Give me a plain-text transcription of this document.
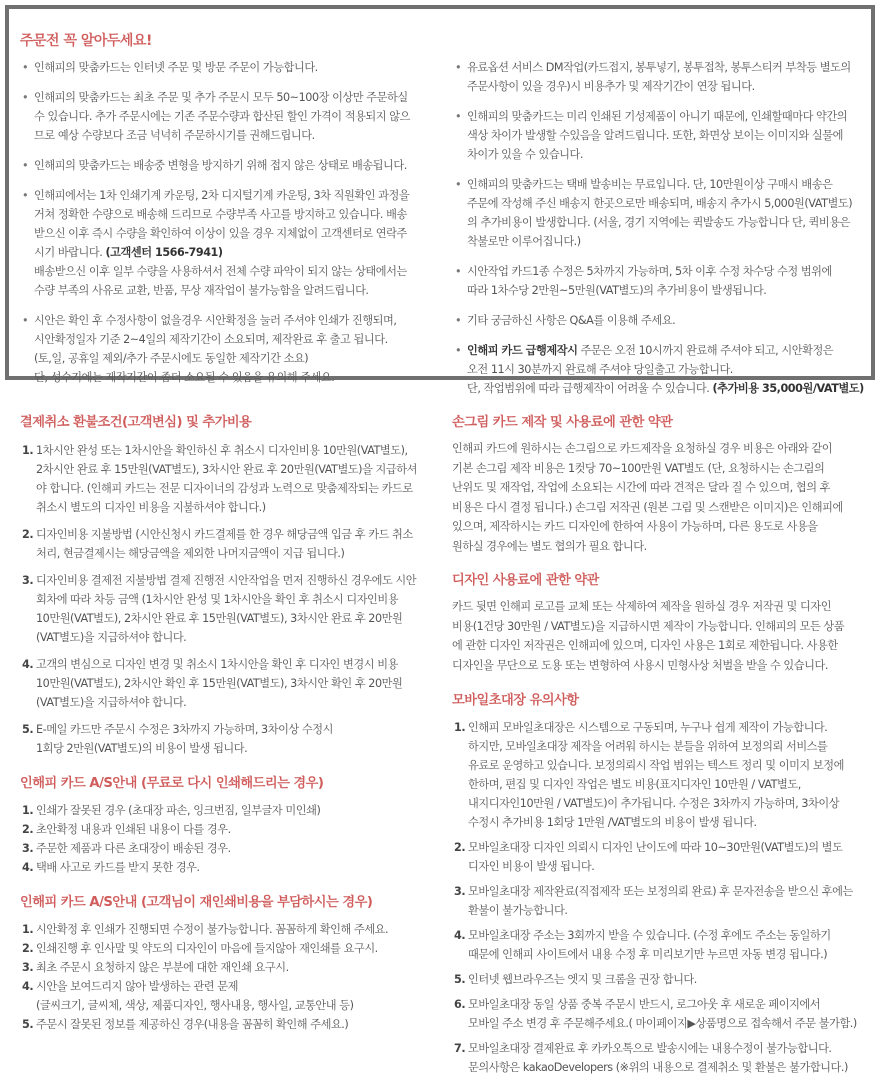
주문전 꼭 알아두세요!
• 인해피의 맞춤카드는 인터넷 주문 및 방문 주문이 가능합니다.
• 인해피의 맞춤카드는 최초 주문 및 추가 주문시 모두 50~100장 이상만 주문하실
수 있습니다. 추가 주문시에는 기존 주문수량과 합산된 할인 가격이 적용되지 않으
므로 예상 수량보다 조금 넉넉히 주문하시기를 권해드립니다.
• 인해피의 맞춤카드는 배송중 변형을 방지하기 위해 접지 않은 상태로 배송됩니다.
• 인해피에서는 1차 인쇄기계 카운팅, 2차 디지털기계 카운팅, 3차 직원확인 과정을
거쳐 정확한 수량으로 배송해 드리므로 수량부족 사고를 방지하고 있습니다. 배송
받으신 이후 즉시 수량을 확인하여 이상이 있을 경우 지체없이 고객센터로 연락주
시기 바랍니다. (고객센터 1566-7941)
배송받으신 이후 일부 수량을 사용하셔서 전체 수량 파악이 되지 않는 상태에서는
수량 부족의 사유로 교환, 반품, 무상 재작업이 불가능함을 알려드립니다.
• 시안은 확인 후 수정사항이 없을경우 시안확정을 눌러 주셔야 인쇄가 진행되며,
시안확정일자 기준 2~4일의 제작기간이 소요되며, 제작완료 후 출고 됩니다.
(토,일, 공휴일 제외/추가 주문시에도 동일한 제작기간 소요)
단, 성수기에는 제작기간이 좀더 소요될 수 있음을 유의해 주세요.
• 유료옵션 서비스 DM작업(카드접지, 봉투넣기, 봉투접착, 봉투스티커 부착등 별도의
주문사항이 있을 경우)시 비용추가 및 제작기간이 연장 됩니다.
• 인해피의 맞춤카드는 미리 인쇄된 기성제품이 아니기 때문에, 인쇄할때마다 약간의
색상 차이가 발생할 수있음을 알려드립니다. 또한, 화면상 보이는 이미지와 실물에
차이가 있을 수 있습니다.
• 인해피의 맞춤카드는 택배 발송비는 무료입니다. 단, 10만원이상 구매시 배송은
주문에 작성해 주신 배송지 한곳으로만 배송되며, 배송지 추가시 5,000원(VAT별도)
의 추가비용이 발생합니다. (서울, 경기 지역에는 퀵발송도 가능합니다 단, 퀵비용은
착불로만 이루어집니다.)
• 시안작업 카드1종 수정은 5차까지 가능하며, 5차 이후 수정 차수당 수정 범위에
따라 1차수당 2만원~5만원(VAT별도)의 추가비용이 발생됩니다.
• 기타 궁금하신 사항은 Q&A를 이용해 주세요.
• 인해피 카드 급행제작시 주문은 오전 10시까지 완료해 주셔야 되고, 시안확정은
오전 11시 30분까지 완료해 주셔야 당일출고 가능합니다.
단, 작업범위에 따라 급행제작이 어려울 수 있습니다. (추가비용 35,000원/VAT별도)
결제취소 환불조건(고객변심) 및 추가비용
1. 1차시안 완성 또는 1차시안을 확인하신 후 취소시 디자인비용 10만원(VAT별도),
2차시안 완료 후 15만원(VAT별도), 3차시안 완료 후 20만원(VAT별도)을 지급하셔
야 합니다. (인해피 카드는 전문 디자이너의 감성과 노력으로 맞춤제작되는 카드로
취소시 별도의 디자인 비용을 지불하셔야 합니다.)
2. 디자인비용 지불방법 (시안신청시 카드결제를 한 경우 해당금액 입금 후 카드 취소
처리, 현금결제시는 해당금액을 제외한 나머지금액이 지급 됩니다.)
3. 디자인비용 결제전 지불방법 결제 진행전 시안작업을 먼저 진행하신 경우에도 시안
회차에 따라 차등 금액 (1차시안 완성 및 1차시안을 확인 후 취소시 디자인비용
10만원(VAT별도), 2차시안 완료 후 15만원(VAT별도), 3차시안 완료 후 20만원
(VAT별도)을 지급하셔야 합니다.
4. 고객의 변심으로 디자인 변경 및 취소시 1차시안을 확인 후 디자인 변경시 비용
10만원(VAT별도), 2차시안 확인 후 15만원(VAT별도), 3차시안 확인 후 20만원
(VAT별도)을 지급하셔야 합니다.
5. E-메일 카드만 주문시 수정은 3차까지 가능하며, 3차이상 수정시
1회당 2만원(VAT별도)의 비용이 발생 됩니다.
인해피 카드 A/S안내 (무료로 다시 인쇄해드리는 경우)
1. 인쇄가 잘못된 경우 (초대장 파손, 잉크번짐, 일부글자 미인쇄)
2. 초안확정 내용과 인쇄된 내용이 다를 경우.
3. 주문한 제품과 다른 초대장이 배송된 경우.
4. 택배 사고로 카드를 받지 못한 경우.
인해피 카드 A/S안내 (고객님이 재인쇄비용을 부담하시는 경우)
1. 시안확정 후 인쇄가 진행되면 수정이 불가능합니다. 꼼꼼하게 확인해 주세요.
2. 인쇄진행 후 인사말 및 약도의 디자인이 마음에 들지않아 재인쇄를 요구시.
3. 최초 주문시 요청하지 않은 부분에 대한 재인쇄 요구시.
4. 시안을 보여드리지 않아 발생하는 관련 문제
(글씨크기, 글씨체, 색상, 제품디자인, 행사내용, 행사일, 교통안내 등)
5. 주문시 잘못된 정보를 제공하신 경우(내용을 꼼꼼히 확인해 주세요.)
손그림 카드 제작 및 사용료에 관한 약관
인해피 카드에 원하시는 손그림으로 카드제작을 요청하실 경우 비용은 아래와 같이
기본 손그림 제작 비용은 1컷당 70~100만원 VAT별도 (단, 요청하시는 손그림의
난위도 및 재작업, 작업에 소요되는 시간에 따라 견적은 달라 질 수 있으며, 협의 후
비용은 다시 결정 됩니다.) 손그림 저작권 (원본 그림 및 스캔받은 이미지)은 인해피에
있으며, 제작하시는 카드 디자인에 한하여 사용이 가능하며, 다른 용도로 사용을
원하실 경우에는 별도 협의가 필요 합니다.
디자인 사용료에 관한 약관
카드 뒷면 인해피 로고를 교체 또는 삭제하여 제작을 원하실 경우 저작권 및 디자인
비용(1건당 30만원 / VAT별도)을 지급하시면 제작이 가능합니다. 인해피의 모든 상품
에 관한 디자인 저작권은 인해피에 있으며, 디자인 사용은 1회로 제한됩니다. 사용한
디자인을 무단으로 도용 또는 변형하여 사용시 민형사상 처벌을 받을 수 있습니다.
모바일초대장 유의사항
1. 인해피 모바일초대장은 시스템으로 구동되며, 누구나 쉽게 제작이 가능합니다.
하지만, 모바일초대장 제작을 어려워 하시는 분들을 위하여 보정의뢰 서비스를
유료로 운영하고 있습니다. 보정의뢰시 작업 범위는 텍스트 정리 및 이미지 보정에
한하며, 편집 및 디자인 작업은 별도 비용(표지디자인 10만원 / VAT별도,
내지디자인10만원 / VAT별도)이 추가됩니다. 수정은 3차까지 가능하며, 3차이상
수정시 추가비용 1회당 1만원 /VAT별도의 비용이 발생 됩니다.
2. 모바일초대장 디자인 의뢰시 디자인 난이도에 따라 10~30만원(VAT별도)의 별도
디자인 비용이 발생 됩니다.
3. 모바일초대장 제작완료(직접제작 또는 보정의뢰 완료) 후 문자전송을 받으신 후에는
환불이 불가능합니다.
4. 모바일초대장 주소는 3회까지 받을 수 있습니다. (수정 후에도 주소는 동일하기
때문에 인해피 사이트에서 내용 수정 후 미리보기만 누르면 자동 변경 됩니다.)
5. 인터넷 웹브라우즈는 엣지 및 크롬을 권장 합니다.
6. 모바일초대장 동일 상품 중복 주문시 반드시, 로그아웃 후 새로운 페이지에서
모바일 주소 변경 후 주문해주세요.( 마이페이지▶상품명으로 접속해서 주문 불가함.)
7. 모바일초대장 결제완료 후 카카오톡으로 발송시에는 내용수정이 불가능합니다.
문의사항은 kakaoDevelopers (※위의 내용으로 결제취소 및 환불은 불가합니다.)
